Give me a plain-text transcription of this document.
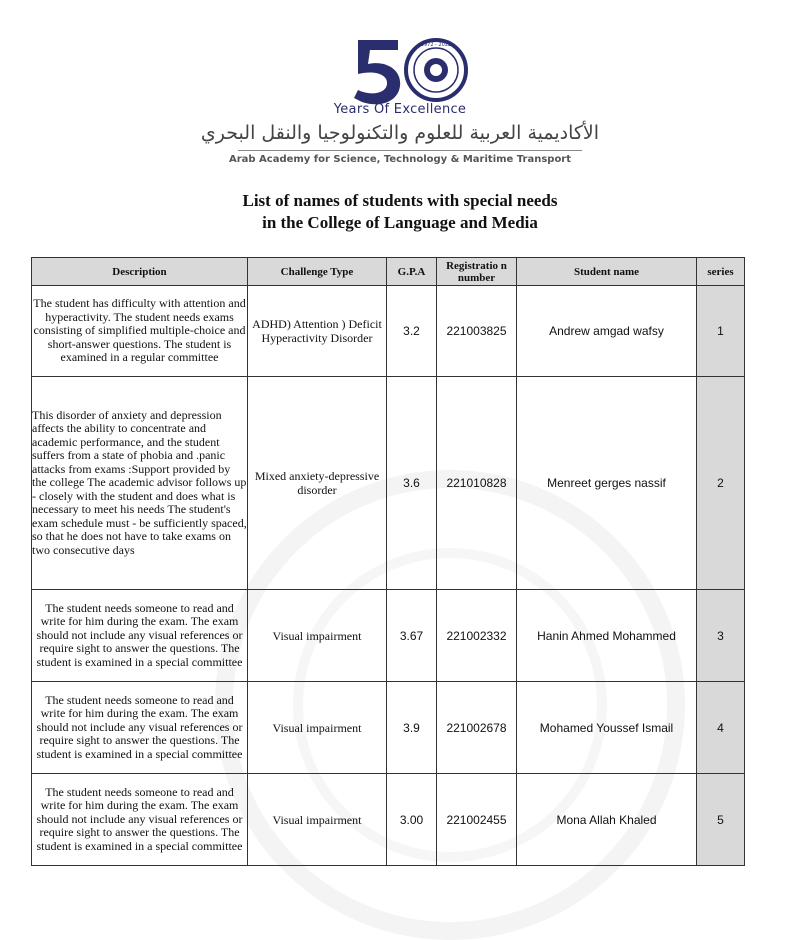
1972 - 2022
Years Of Excellence
الأكاديمية العربية للعلوم والتكنولوجيا والنقل البحري
Arab Academy for Science, Technology & Maritime Transport
List of names of students with special needs
in the College of Language and Media
Description	Challenge Type	G.P.A	Registratio n number	Student name	series
The student has difficulty with attention and hyperactivity. The student needs exams consisting of simplified multiple-choice and short-answer questions. The student is examined in a regular committee	ADHD) Attention ) Deficit Hyperactivity Disorder	3.2	221003825	Andrew amgad wafsy	1
This disorder of anxiety and depression affects the ability to concentrate and academic performance, and the student suffers from a state of phobia and .panic attacks from exams :Support provided by the college The academic advisor follows up - closely with the student and does what is necessary to meet his needs The student's exam schedule must - be sufficiently spaced, so that he does not have to take exams on two consecutive days	Mixed anxiety-depressive disorder	3.6	221010828	Menreet gerges nassif	2
The student needs someone to read and write for him during the exam. The exam should not include any visual references or require sight to answer the questions. The student is examined in a special committee	Visual impairment	3.67	221002332	Hanin Ahmed Mohammed	3
The student needs someone to read and write for him during the exam. The exam should not include any visual references or require sight to answer the questions. The student is examined in a special committee	Visual impairment	3.9	221002678	Mohamed Youssef Ismail	4
The student needs someone to read and write for him during the exam. The exam should not include any visual references or require sight to answer the questions. The student is examined in a special committee	Visual impairment	3.00	221002455	Mona Allah Khaled	5
